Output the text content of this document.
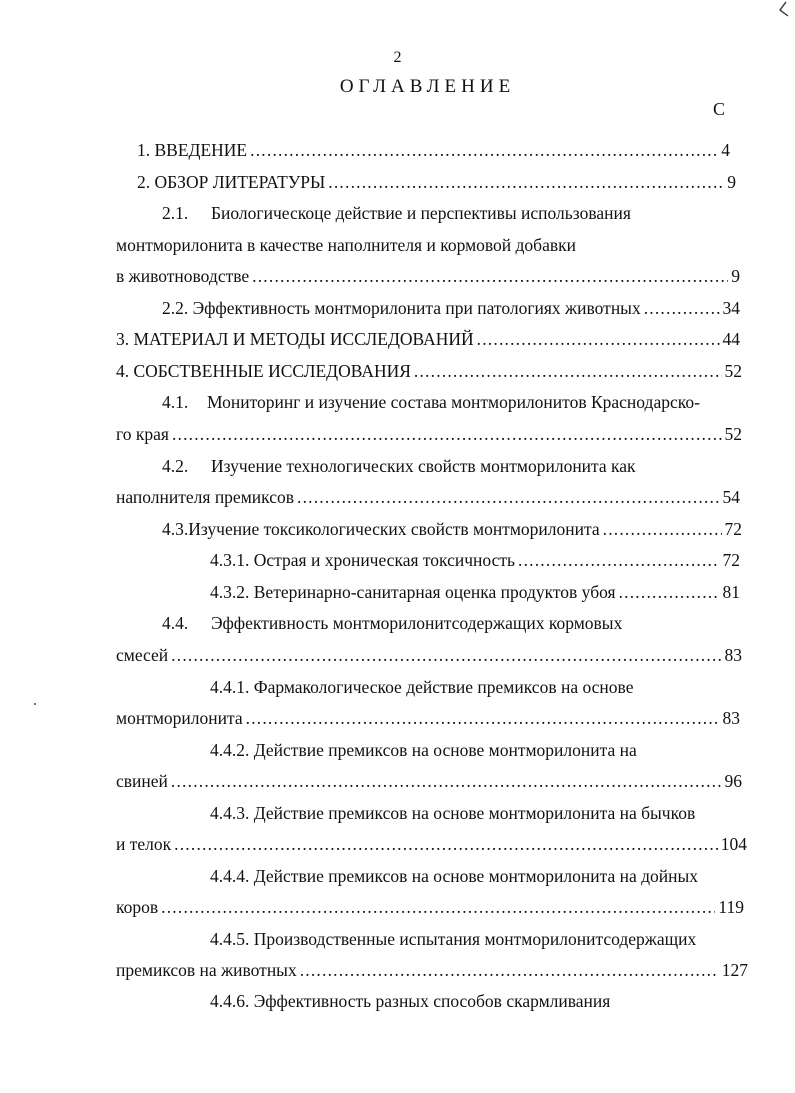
2
ОГЛАВЛЕНИЕ
С
1. ВВЕДЕНИЕ .....	4
2. ОБЗОР ЛИТЕРАТУРЫ .....	9
2.1. Биологическоце действие и перспективы использования
монтморилонита в качестве наполнителя и кормовой добавки
в животноводстве .....	9
2.2. Эффективность монтморилонита при патологиях животных .....	34
3. МАТЕРИАЛ И МЕТОДЫ ИССЛЕДОВАНИЙ .....	44
4. СОБСТВЕННЫЕ ИССЛЕДОВАНИЯ .....	52
4.1. Мониторинг и изучение состава монтморилонитов Краснодарско-
го края .....	52
4.2. Изучение технологических свойств монтморилонита как
наполнителя премиксов .....	54
4.3. Изучение токсикологических свойств монтморилонита .....	72
4.3.1. Острая и хроническая токсичность .....	72
4.3.2. Ветеринарно-санитарная оценка продуктов убоя .....	81
4.4. Эффективность монтморилонитсодержащих кормовых
смесей .....	83
4.4.1. Фармакологическое действие премиксов на основе
монтморилонита .....	83
4.4.2. Действие премиксов на основе монтморилонита на
свиней .....	96
4.4.3. Действие премиксов на основе монтморилонита на бычков
и телок .....	104
4.4.4. Действие премиксов на основе монтморилонита на дойных
коров .....	119
4.4.5. Производственные испытания монтморилонитсодержащих
премиксов на животных .....	127
4.4.6. Эффективность разных способов скармливания
